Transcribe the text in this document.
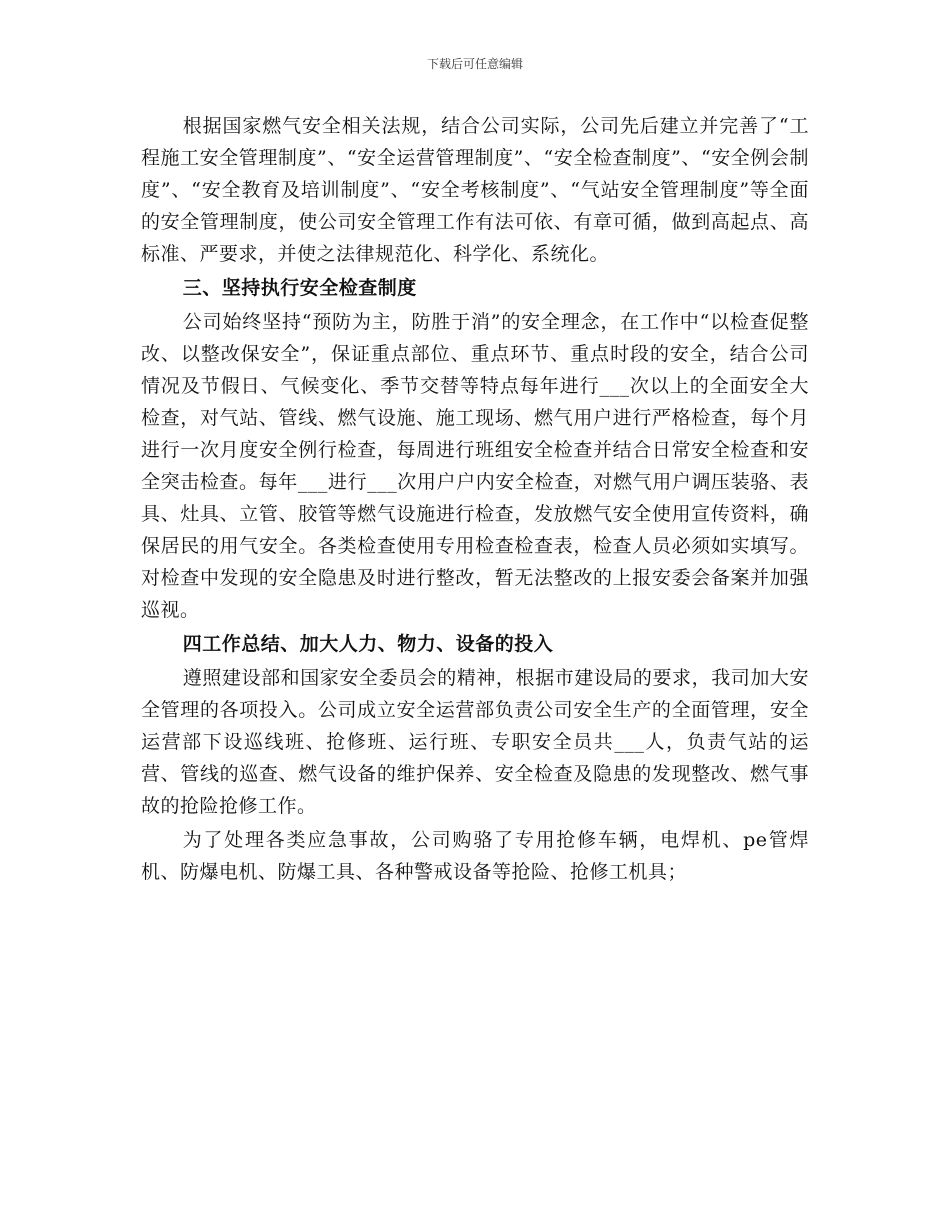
下载后可任意编辑

根据国家燃气安全相关法规，结合公司实际，公司先后建立并完善了“工程施工安全管理制度”、“安全运营管理制度”、“安全检查制度”、“安全例会制度”、“安全教育及培训制度”、“安全考核制度”、“气站安全管理制度”等全面的安全管理制度，使公司安全管理工作有法可依、有章可循，做到高起点、高标准、严要求，并使之法律规范化、科学化、系统化。

三、坚持执行安全检查制度

公司始终坚持“预防为主，防胜于消”的安全理念，在工作中“以检查促整改、以整改保安全”，保证重点部位、重点环节、重点时段的安全，结合公司情况及节假日、气候变化、季节交替等特点每年进行___次以上的全面安全大检查，对气站、管线、燃气设施、施工现场、燃气用户进行严格检查，每个月进行一次月度安全例行检查，每周进行班组安全检查并结合日常安全检查和安全突击检查。每年___进行___次用户户内安全检查，对燃气用户调压装骆、表具、灶具、立管、胶管等燃气设施进行检查，发放燃气安全使用宣传资料，确保居民的用气安全。各类检查使用专用检查检查表，检查人员必须如实填写。对检查中发现的安全隐患及时进行整改，暂无法整改的上报安委会备案并加强巡视。

四工作总结、加大人力、物力、设备的投入

遵照建设部和国家安全委员会的精神，根据市建设局的要求，我司加大安全管理的各项投入。公司成立安全运营部负责公司安全生产的全面管理，安全运营部下设巡线班、抢修班、运行班、专职安全员共___人，负责气站的运营、管线的巡查、燃气设备的维护保养、安全检查及隐患的发现整改、燃气事故的抢险抢修工作。

为了处理各类应急事故，公司购骆了专用抢修车辆，电焊机、pe管焊机、防爆电机、防爆工具、各种警戒设备等抢险、抢修工机具；
